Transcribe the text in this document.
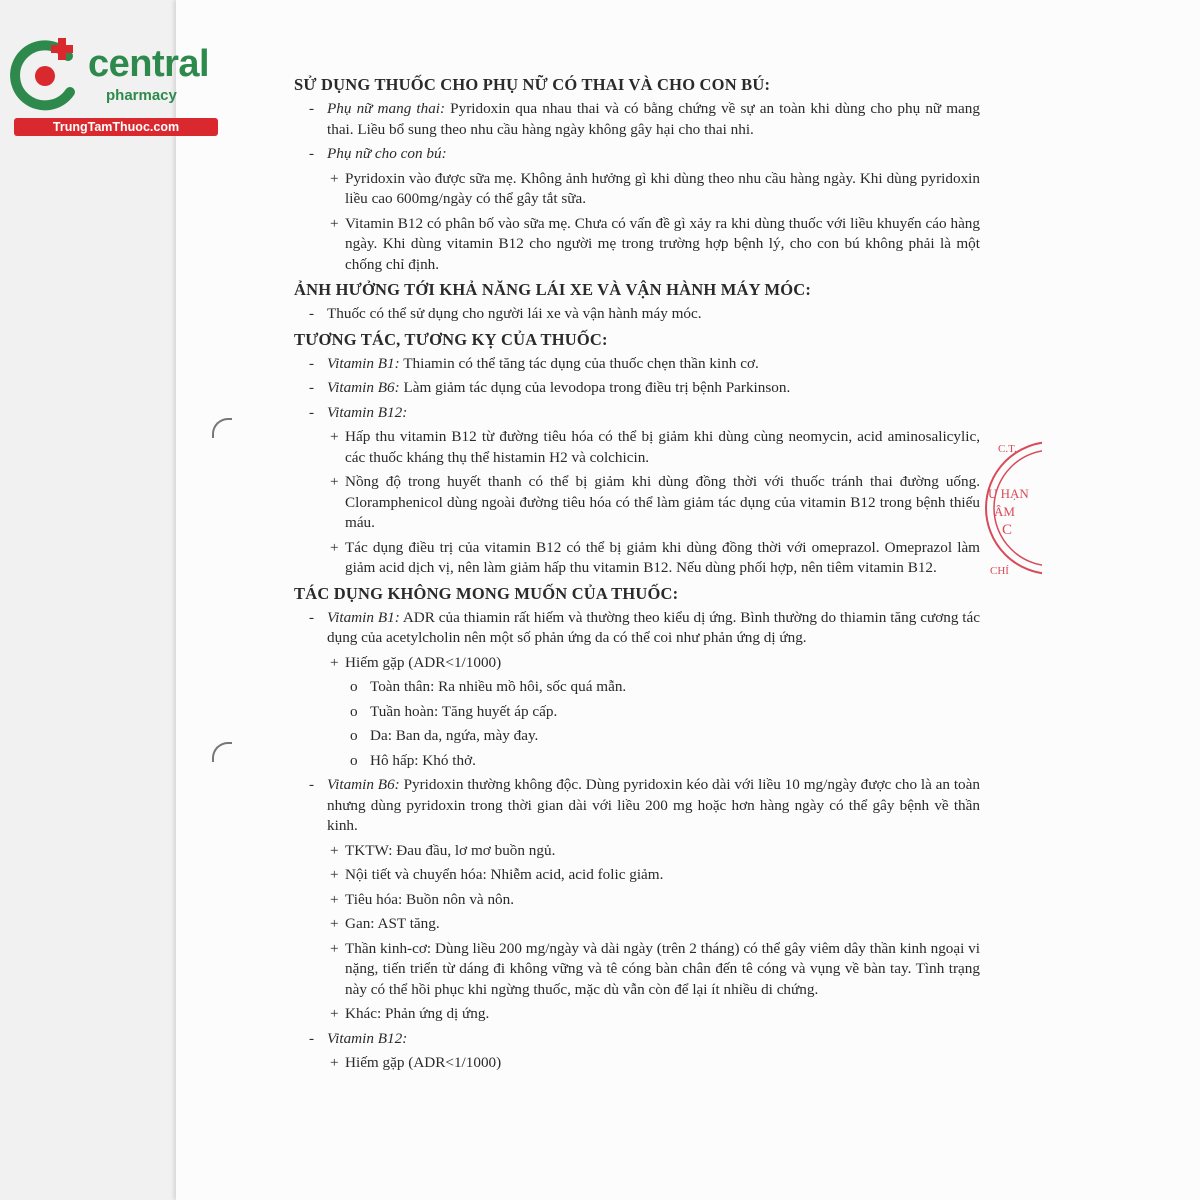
central
pharmacy
TrungTamThuoc.com
C.T.
U HẠN
ÂM
C
CHÍ
SỬ DỤNG THUỐC CHO PHỤ NỮ CÓ THAI VÀ CHO CON BÚ:
- Phụ nữ mang thai: Pyridoxin qua nhau thai và có bằng chứng về sự an toàn khi dùng cho phụ nữ mang thai. Liều bổ sung theo nhu cầu hàng ngày không gây hại cho thai nhi.
- Phụ nữ cho con bú:
+ Pyridoxin vào được sữa mẹ. Không ảnh hưởng gì khi dùng theo nhu cầu hàng ngày. Khi dùng pyridoxin liều cao 600mg/ngày có thể gây tắt sữa.
+ Vitamin B12 có phân bố vào sữa mẹ. Chưa có vấn đề gì xảy ra khi dùng thuốc với liều khuyến cáo hàng ngày. Khi dùng vitamin B12 cho người mẹ trong trường hợp bệnh lý, cho con bú không phải là một chống chỉ định.
ẢNH HƯỞNG TỚI KHẢ NĂNG LÁI XE VÀ VẬN HÀNH MÁY MÓC:
- Thuốc có thể sử dụng cho người lái xe và vận hành máy móc.
TƯƠNG TÁC, TƯƠNG KỴ CỦA THUỐC:
- Vitamin B1: Thiamin có thể tăng tác dụng của thuốc chẹn thần kinh cơ.
- Vitamin B6: Làm giảm tác dụng của levodopa trong điều trị bệnh Parkinson.
- Vitamin B12:
+ Hấp thu vitamin B12 từ đường tiêu hóa có thể bị giảm khi dùng cùng neomycin, acid aminosalicylic, các thuốc kháng thụ thể histamin H2 và colchicin.
+ Nồng độ trong huyết thanh có thể bị giảm khi dùng đồng thời với thuốc tránh thai đường uống. Cloramphenicol dùng ngoài đường tiêu hóa có thể làm giảm tác dụng của vitamin B12 trong bệnh thiếu máu.
+ Tác dụng điều trị của vitamin B12 có thể bị giảm khi dùng đồng thời với omeprazol. Omeprazol làm giảm acid dịch vị, nên làm giảm hấp thu vitamin B12. Nếu dùng phối hợp, nên tiêm vitamin B12.
TÁC DỤNG KHÔNG MONG MUỐN CỦA THUỐC:
- Vitamin B1: ADR của thiamin rất hiếm và thường theo kiểu dị ứng. Bình thường do thiamin tăng cương tác dụng của acetylcholin nên một số phản ứng da có thể coi như phản ứng dị ứng.
+ Hiếm gặp (ADR<1/1000)
o Toàn thân: Ra nhiều mồ hôi, sốc quá mẫn.
o Tuần hoàn: Tăng huyết áp cấp.
o Da: Ban da, ngứa, mày đay.
o Hô hấp: Khó thở.
- Vitamin B6: Pyridoxin thường không độc. Dùng pyridoxin kéo dài với liều 10 mg/ngày được cho là an toàn nhưng dùng pyridoxin trong thời gian dài với liều 200 mg hoặc hơn hàng ngày có thể gây bệnh về thần kinh.
+ TKTW: Đau đầu, lơ mơ buồn ngủ.
+ Nội tiết và chuyển hóa: Nhiễm acid, acid folic giảm.
+ Tiêu hóa: Buồn nôn và nôn.
+ Gan: AST tăng.
+ Thần kinh-cơ: Dùng liều 200 mg/ngày và dài ngày (trên 2 tháng) có thể gây viêm dây thần kinh ngoại vi nặng, tiến triển từ dáng đi không vững và tê cóng bàn chân đến tê cóng và vụng về bàn tay. Tình trạng này có thể hồi phục khi ngừng thuốc, mặc dù vẫn còn để lại ít nhiều di chứng.
+ Khác: Phản ứng dị ứng.
- Vitamin B12:
+ Hiếm gặp (ADR<1/1000)
